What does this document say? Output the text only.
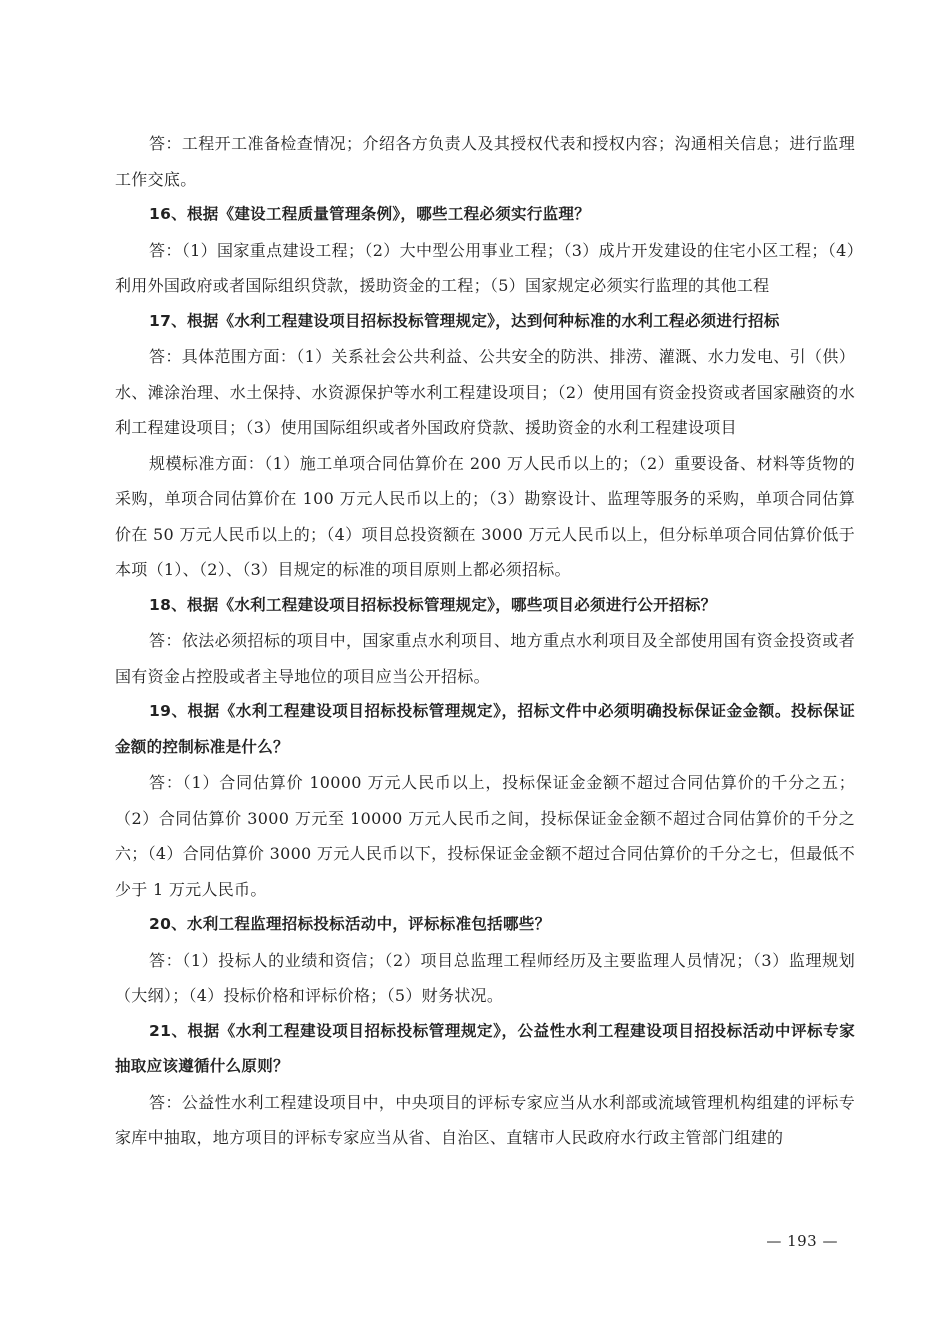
答：工程开工准备检查情况；介绍各方负责人及其授权代表和授权内容；沟通相关信息；进行监理工作交底。

16、根据《建设工程质量管理条例》，哪些工程必须实行监理？

答：（1）国家重点建设工程；（2）大中型公用事业工程；（3）成片开发建设的住宅小区工程；（4）利用外国政府或者国际组织贷款，援助资金的工程；（5）国家规定必须实行监理的其他工程

17、根据《水利工程建设项目招标投标管理规定》，达到何种标准的水利工程必须进行招标

答：具体范围方面：（1）关系社会公共利益、公共安全的防洪、排涝、灌溉、水力发电、引（供）水、滩涂治理、水土保持、水资源保护等水利工程建设项目；（2）使用国有资金投资或者国家融资的水利工程建设项目；（3）使用国际组织或者外国政府贷款、援助资金的水利工程建设项目

规模标准方面：（1）施工单项合同估算价在 200 万人民币以上的；（2）重要设备、材料等货物的采购，单项合同估算价在 100 万元人民币以上的；（3）勘察设计、监理等服务的采购，单项合同估算价在 50 万元人民币以上的；（4）项目总投资额在 3000 万元人民币以上，但分标单项合同估算价低于本项（1）、（2）、（3）目规定的标准的项目原则上都必须招标。

18、根据《水利工程建设项目招标投标管理规定》，哪些项目必须进行公开招标？

答：依法必须招标的项目中，国家重点水利项目、地方重点水利项目及全部使用国有资金投资或者国有资金占控股或者主导地位的项目应当公开招标。

19、根据《水利工程建设项目招标投标管理规定》，招标文件中必须明确投标保证金金额。投标保证金额的控制标准是什么？

答：（1）合同估算价 10000 万元人民币以上，投标保证金金额不超过合同估算价的千分之五；（2）合同估算价 3000 万元至 10000 万元人民币之间，投标保证金金额不超过合同估算价的千分之六；（4）合同估算价 3000 万元人民币以下，投标保证金金额不超过合同估算价的千分之七，但最低不少于 1 万元人民币。

20、水利工程监理招标投标活动中，评标标准包括哪些？

答：（1）投标人的业绩和资信；（2）项目总监理工程师经历及主要监理人员情况；（3）监理规划（大纲）；（4）投标价格和评标价格；（5）财务状况。

21、根据《水利工程建设项目招标投标管理规定》，公益性水利工程建设项目招投标活动中评标专家抽取应该遵循什么原则？

答：公益性水利工程建设项目中，中央项目的评标专家应当从水利部或流域管理机构组建的评标专家库中抽取，地方项目的评标专家应当从省、自治区、直辖市人民政府水行政主管部门组建的

— 193 —
